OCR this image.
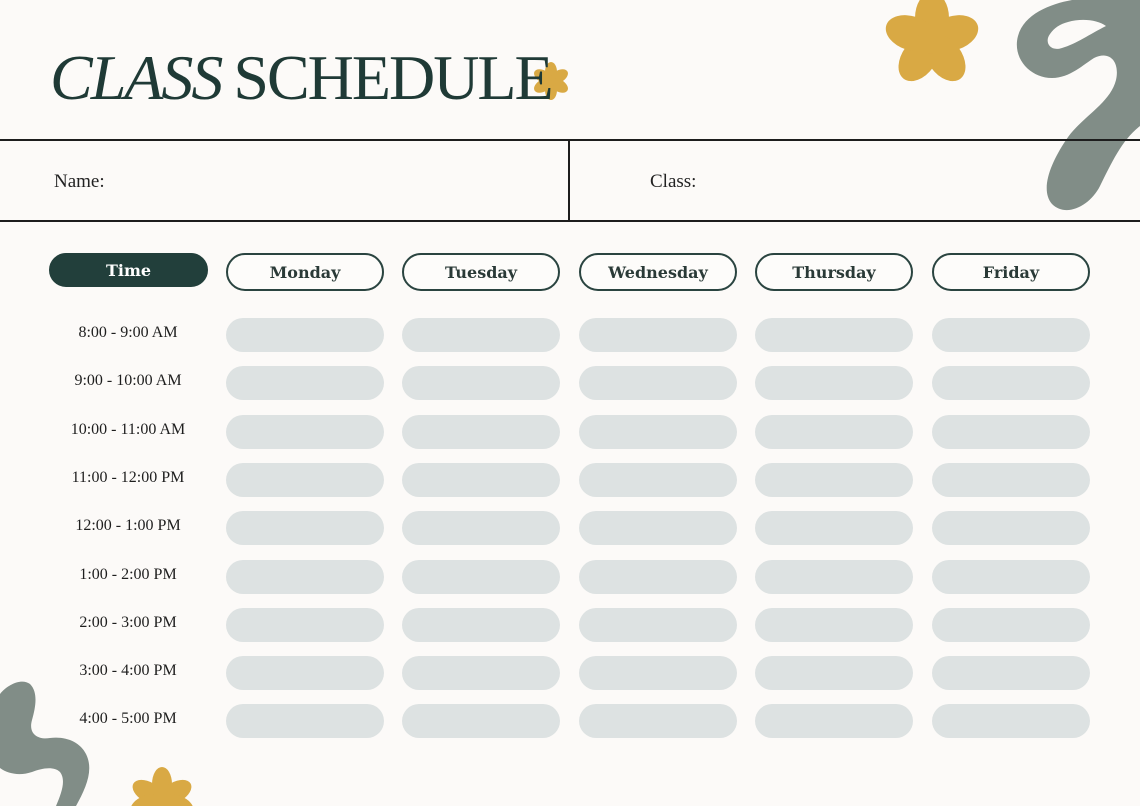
CLASS SCHEDULE
Name:	Class:
Time	Monday	Tuesday	Wednesday	Thursday	Friday
8:00 - 9:00 AM
9:00 - 10:00 AM
10:00 - 11:00 AM
11:00 - 12:00 PM
12:00 - 1:00 PM
1:00 - 2:00 PM
2:00 - 3:00 PM
3:00 - 4:00 PM
4:00 - 5:00 PM
